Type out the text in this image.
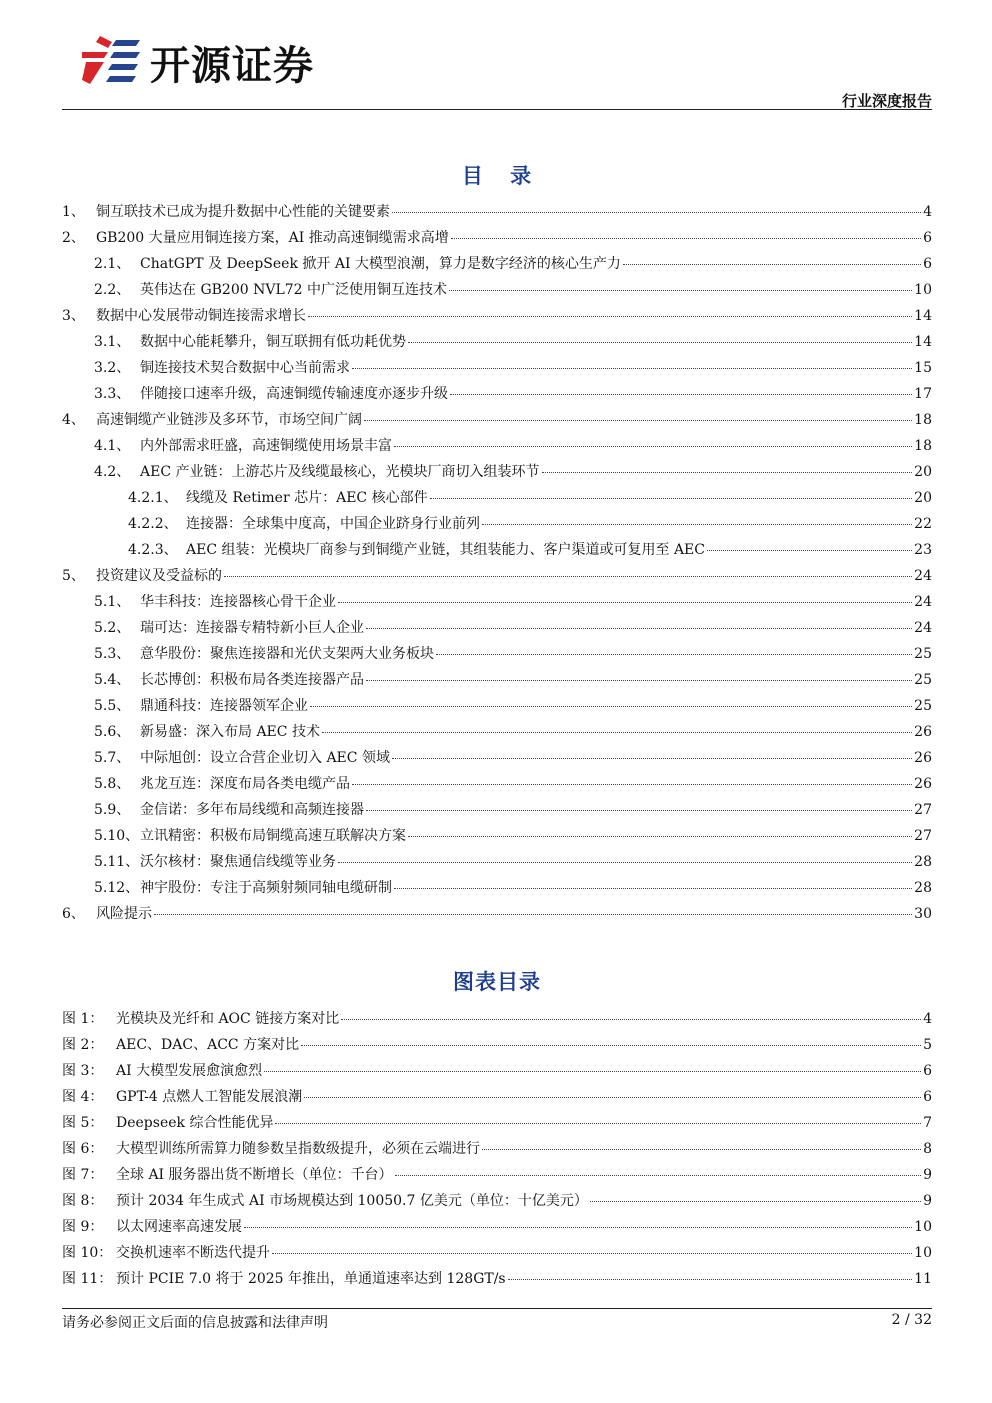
开源证券
行业深度报告
目 录
1、 铜互联技术已成为提升数据中心性能的关键要素	4
2、 GB200 大量应用铜连接方案，AI 推动高速铜缆需求高增	6
2.1、 ChatGPT 及 DeepSeek 掀开 AI 大模型浪潮，算力是数字经济的核心生产力	6
2.2、 英伟达在 GB200 NVL72 中广泛使用铜互连技术	10
3、 数据中心发展带动铜连接需求增长	14
3.1、 数据中心能耗攀升，铜互联拥有低功耗优势	14
3.2、 铜连接技术契合数据中心当前需求	15
3.3、 伴随接口速率升级，高速铜缆传输速度亦逐步升级	17
4、 高速铜缆产业链涉及多环节，市场空间广阔	18
4.1、 内外部需求旺盛，高速铜缆使用场景丰富	18
4.2、 AEC 产业链：上游芯片及线缆最核心，光模块厂商切入组装环节	20
4.2.1、 线缆及 Retimer 芯片：AEC 核心部件	20
4.2.2、 连接器：全球集中度高，中国企业跻身行业前列	22
4.2.3、 AEC 组装：光模块厂商参与到铜缆产业链，其组装能力、客户渠道或可复用至 AEC	23
5、 投资建议及受益标的	24
5.1、 华丰科技：连接器核心骨干企业	24
5.2、 瑞可达：连接器专精特新小巨人企业	24
5.3、 意华股份：聚焦连接器和光伏支架两大业务板块	25
5.4、 长芯博创：积极布局各类连接器产品	25
5.5、 鼎通科技：连接器领军企业	25
5.6、 新易盛：深入布局 AEC 技术	26
5.7、 中际旭创：设立合营企业切入 AEC 领域	26
5.8、 兆龙互连：深度布局各类电缆产品	26
5.9、 金信诺：多年布局线缆和高频连接器	27
5.10、 立讯精密：积极布局铜缆高速互联解决方案	27
5.11、 沃尔核材：聚焦通信线缆等业务	28
5.12、 神宇股份：专注于高频射频同轴电缆研制	28
6、 风险提示	30
图表目录
图 1： 光模块及光纤和 AOC 链接方案对比	4
图 2： AEC、DAC、ACC 方案对比	5
图 3： AI 大模型发展愈演愈烈	6
图 4： GPT-4 点燃人工智能发展浪潮	6
图 5： Deepseek 综合性能优异	7
图 6： 大模型训练所需算力随参数呈指数级提升，必须在云端进行	8
图 7： 全球 AI 服务器出货不断增长（单位：千台）	9
图 8： 预计 2034 年生成式 AI 市场规模达到 10050.7 亿美元（单位：十亿美元）	9
图 9： 以太网速率高速发展	10
图 10： 交换机速率不断迭代提升	10
图 11： 预计 PCIE 7.0 将于 2025 年推出，单通道速率达到 128GT/s	11
请务必参阅正文后面的信息披露和法律声明	2 / 32
